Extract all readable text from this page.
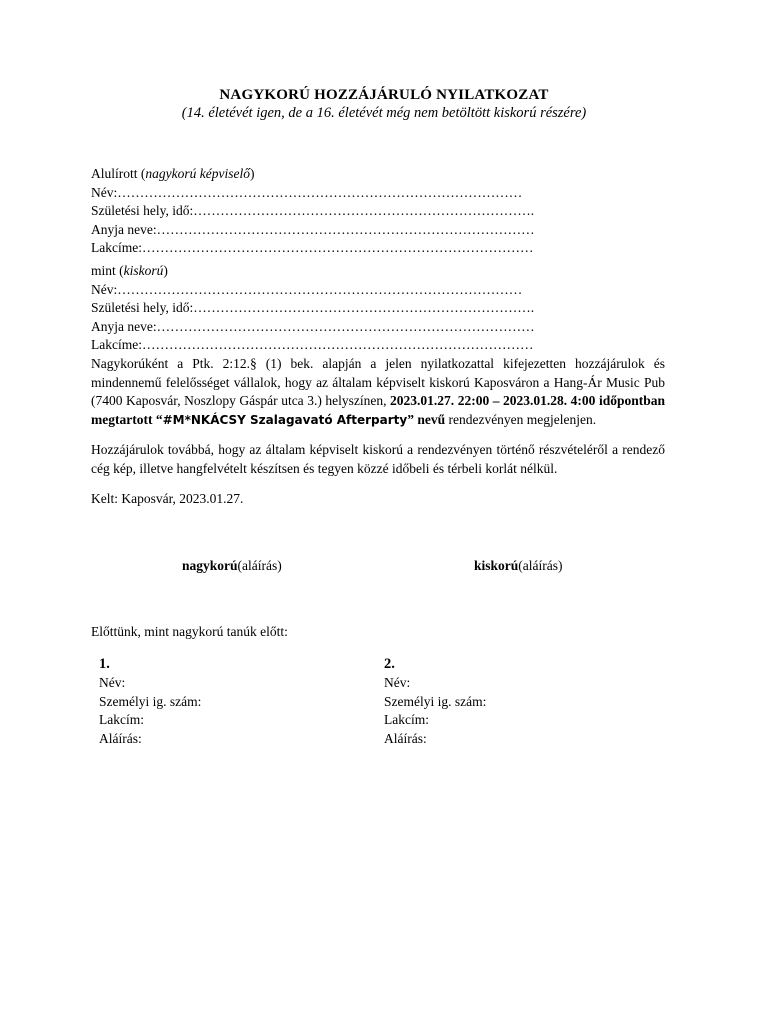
NAGYKORÚ HOZZÁJÁRULÓ NYILATKOZAT
(14. életévét igen, de a 16. életévét még nem betöltött kiskorú részére)
Alulírott (nagykorú képviselő)
Név:………………………………………………………………………………
Születési hely, idő:………………………………………………………………….
Anyja neve:…………………………………………………………………………
Lakcíme:……………………………………………………………………………
mint (kiskorú)
Név:………………………………………………………………………………
Születési hely, idő:………………………………………………………………….
Anyja neve:…………………………………………………………………………
Lakcíme:……………………………………………………………………………
Nagykorúként a Ptk. 2:12.§ (1) bek. alapján a jelen nyilatkozattal kifejezetten hozzájárulok és mindennemű felelősséget vállalok, hogy az általam képviselt kiskorú Kaposváron a Hang-Ár Music Pub (7400 Kaposvár, Noszlopy Gáspár utca 3.) helyszínen, 2023.01.27. 22:00 – 2023.01.28. 4:00 időpontban megtartott “#M*NKÁCSY Szalagavató Afterparty” nevű rendezvényen megjelenjen.
Hozzájárulok továbbá, hogy az általam képviselt kiskorú a rendezvényen történő részvételéről a rendező cég kép, illetve hangfelvételt készítsen és tegyen közzé időbeli és térbeli korlát nélkül.
Kelt: Kaposvár, 2023.01.27.
nagykorú(aláírás)	kiskorú(aláírás)
Előttünk, mint nagykorú tanúk előtt:
1.
Név:
Személyi ig. szám:
Lakcím:
Aláírás:
2.
Név:
Személyi ig. szám:
Lakcím:
Aláírás:
